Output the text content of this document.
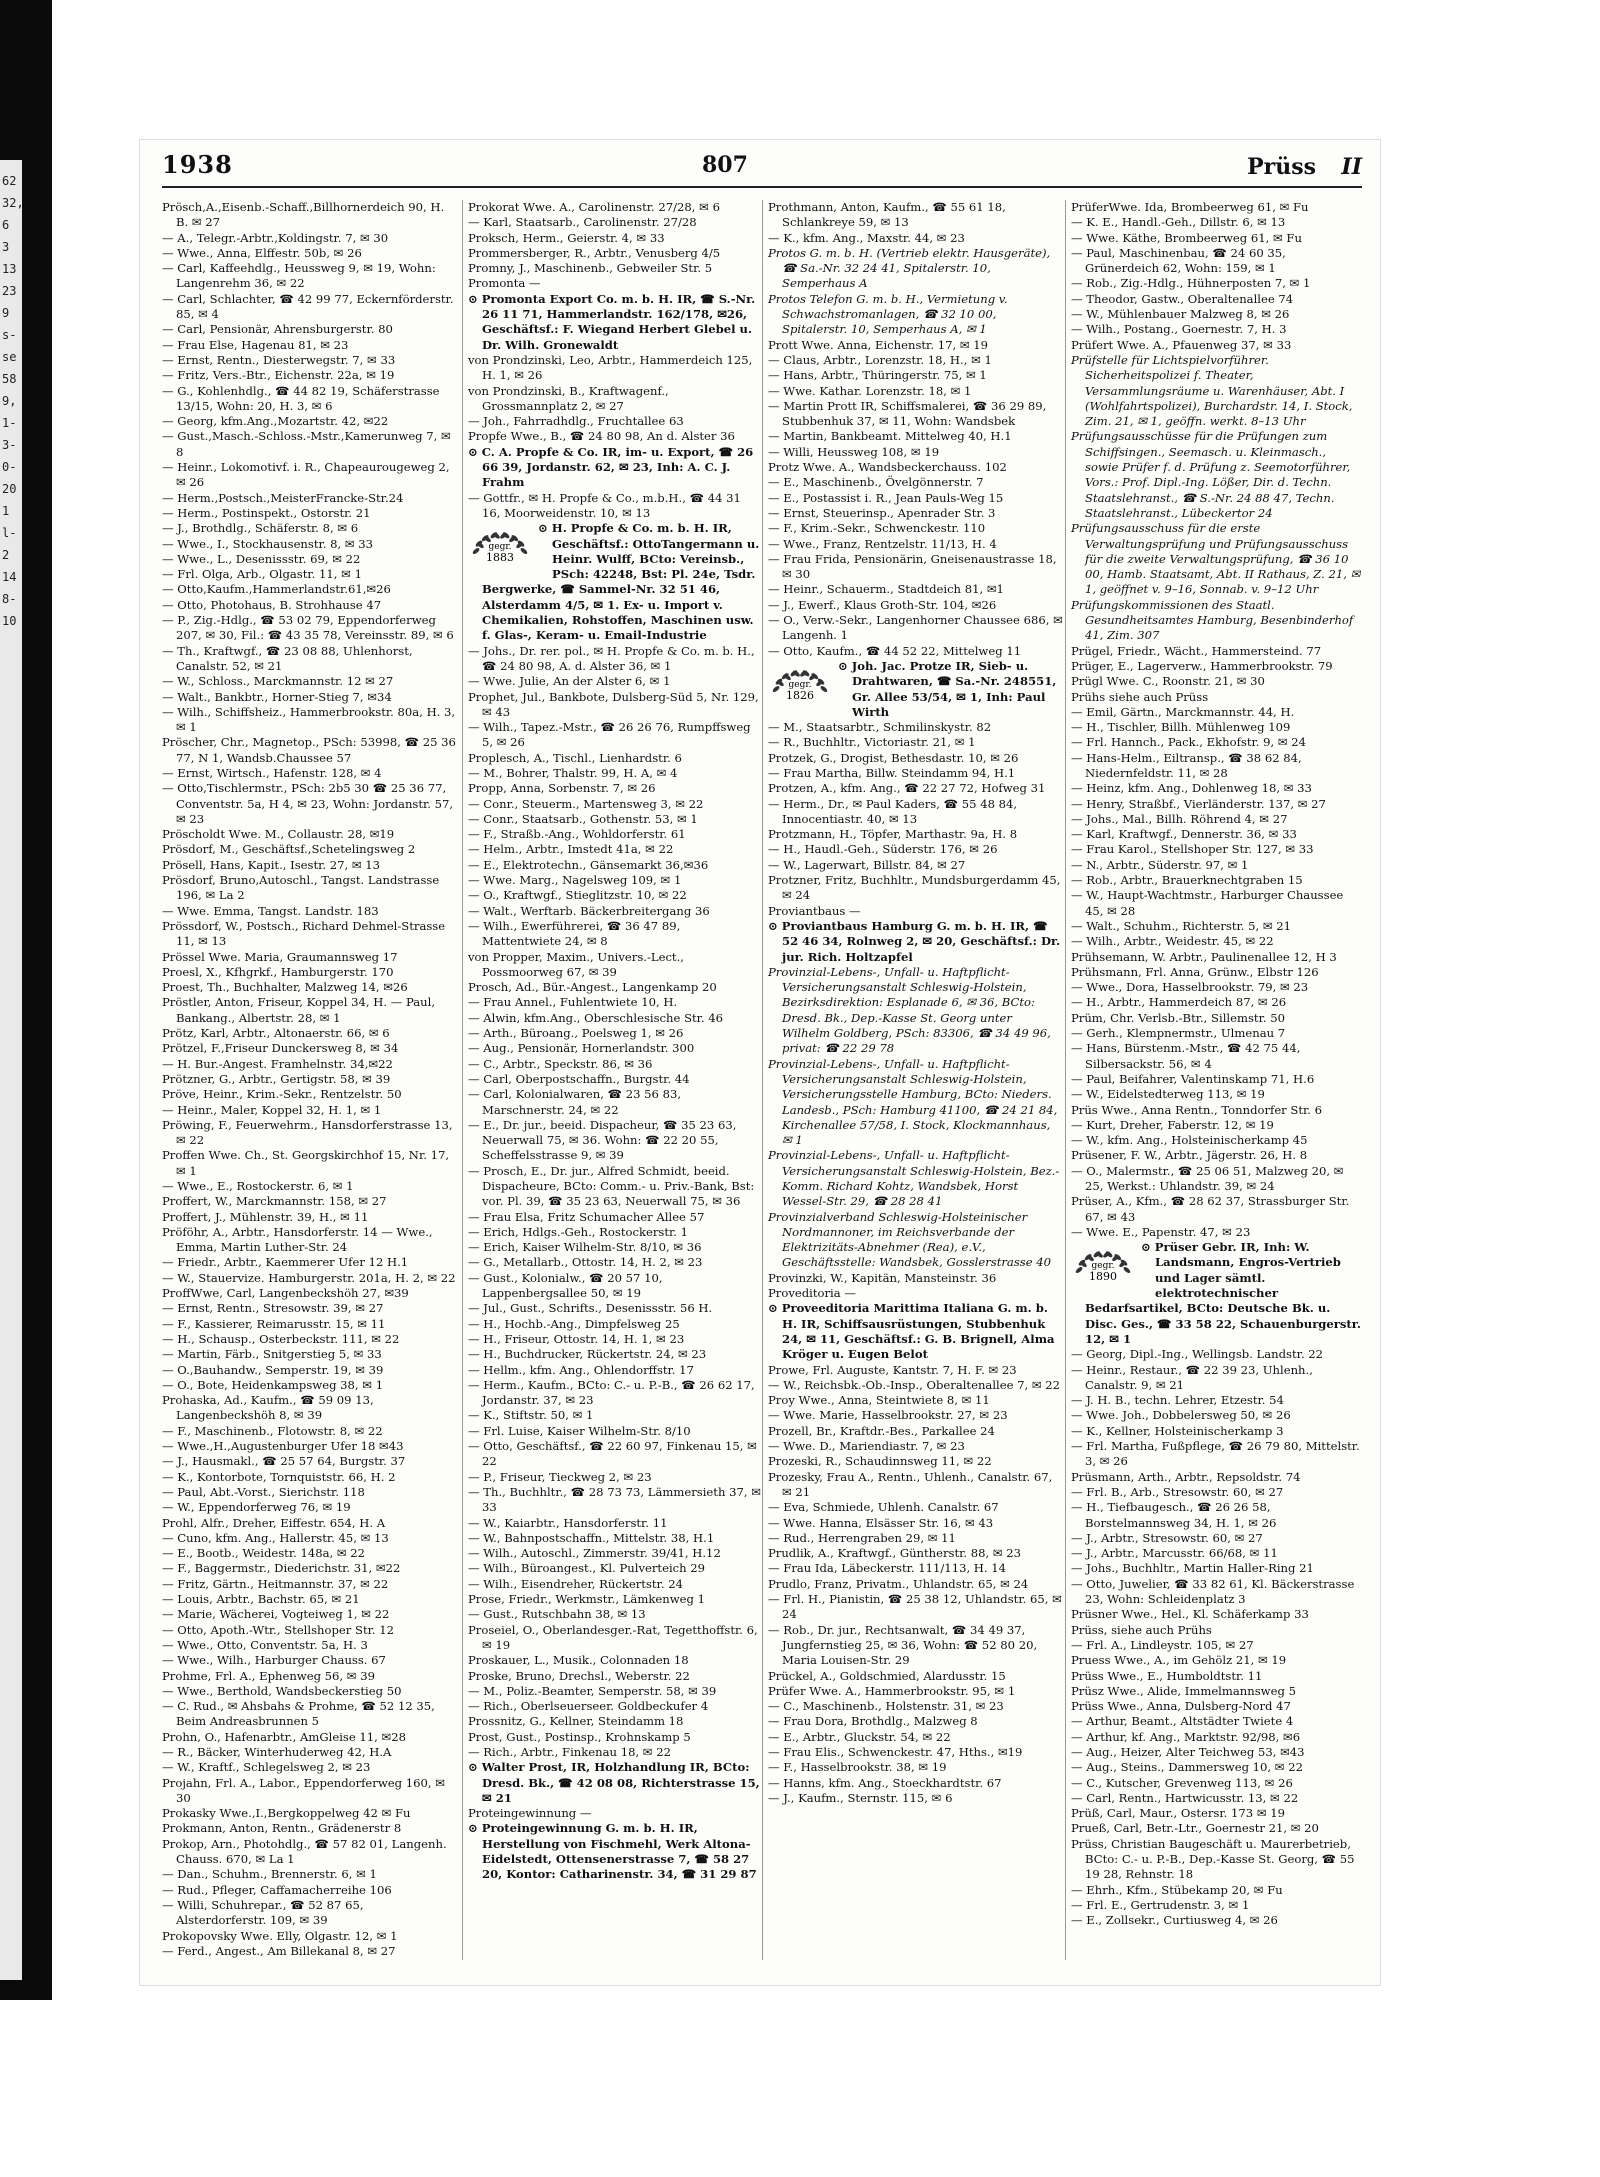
62
32,
6
3
13
23
9
s-
se
58
9,
1-
3-
0-
20
1
l-
2
14
8-
10
1938	807	Prüss II

Prösch,A.,Eisenb.-Schaff.,Billhornerdeich 90, H. B. ✉ 27

— A., Telegr.-Arbtr.,Koldingstr. 7, ✉ 30

— Wwe., Anna, Elffestr. 50b, ✉ 26

— Carl, Kaffeehdlg., Heussweg 9, ✉ 19, Wohn: Langenrehm 36, ✉ 22

— Carl, Schlachter, ☎ 42 99 77, Eckernförderstr. 85, ✉ 4

— Carl, Pensionär, Ahrensburgerstr. 80

— Frau Else, Hagenau 81, ✉ 23

— Ernst, Rentn., Diesterwegstr. 7, ✉ 33

— Fritz, Vers.-Btr., Eichenstr. 22a, ✉ 19

— G., Kohlenhdlg., ☎ 44 82 19, Schäferstrasse 13/15, Wohn: 20, H. 3, ✉ 6

— Georg, kfm.Ang.,Mozartstr. 42, ✉22

— Gust.,Masch.-Schloss.-Mstr.,Kamerunweg 7, ✉ 8

— Heinr., Lokomotivf. i. R., Chapeaurougeweg 2, ✉ 26

— Herm.,Postsch.,MeisterFrancke-Str.24

— Herm., Postinspekt., Ostorstr. 21

— J., Brothdlg., Schäferstr. 8, ✉ 6

— Wwe., I., Stockhausenstr. 8, ✉ 33

— Wwe., L., Desenissstr. 69, ✉ 22

— Frl. Olga, Arb., Olgastr. 11, ✉ 1

— Otto,Kaufm.,Hammerlandstr.61,✉26

— Otto, Photohaus, B. Strohhause 47

— P., Zig.-Hdlg., ☎ 53 02 79, Eppendorferweg 207, ✉ 30, Fil.: ☎ 43 35 78, Vereinsstr. 89, ✉ 6

— Th., Kraftwgf., ☎ 23 08 88, Uhlenhorst, Canalstr. 52, ✉ 21

— W., Schloss., Marckmannstr. 12 ✉ 27

— Walt., Bankbtr., Horner-Stieg 7, ✉34

— Wilh., Schiffsheiz., Hammerbrookstr. 80a, H. 3, ✉ 1

Pröscher, Chr., Magnetop., PSch: 53998, ☎ 25 36 77, N 1, Wandsb.Chaussee 57

— Ernst, Wirtsch., Hafenstr. 128, ✉ 4

— Otto,Tischlermstr., PSch: 2b5 30 ☎ 25 36 77, Conventstr. 5a, H 4, ✉ 23, Wohn: Jordanstr. 57, ✉ 23

Pröscholdt Wwe. M., Collaustr. 28, ✉19

Prösdorf, M., Geschäftsf.,Schetelingsweg 2

Prösell, Hans, Kapit., Isestr. 27, ✉ 13

Prösdorf, Bruno,Autoschl., Tangst. Landstrasse 196, ✉ La 2

— Wwe. Emma, Tangst. Landstr. 183

Prössdorf, W., Postsch., Richard Dehmel-Strasse 11, ✉ 13

Prössel Wwe. Maria, Graumannsweg 17

Proesl, X., Kfhgrkf., Hamburgerstr. 170

Proest, Th., Buchhalter, Malzweg 14, ✉26

Pröstler, Anton, Friseur, Koppel 34, H. — Paul, Bankang., Albertstr. 28, ✉ 1

Prötz, Karl, Arbtr., Altonaerstr. 66, ✉ 6

Prötzel, F.,Friseur Dunckersweg 8, ✉ 34

— H. Bur.-Angest. Framhelnstr. 34,✉22

Prötzner, G., Arbtr., Gertigstr. 58, ✉ 39

Pröve, Heinr., Krim.-Sekr., Rentzelstr. 50

— Heinr., Maler, Koppel 32, H. 1, ✉ 1

Pröwing, F., Feuerwehrm., Hansdorferstrasse 13, ✉ 22

Proffen Wwe. Ch., St. Georgskirchhof 15, Nr. 17, ✉ 1

— Wwe., E., Rostockerstr. 6, ✉ 1

Proffert, W., Marckmannstr. 158, ✉ 27

Proffert, J., Mühlenstr. 39, H., ✉ 11

Pröföhr, A., Arbtr., Hansdorferstr. 14 — Wwe., Emma, Martin Luther-Str. 24

— Friedr., Arbtr., Kaemmerer Ufer 12 H.1

— W., Stauervize. Hamburgerstr. 201a, H. 2, ✉ 22

ProffWwe, Carl, Langenbeckshöh 27, ✉39

— Ernst, Rentn., Stresowstr. 39, ✉ 27

— F., Kassierer, Reimarusstr. 15, ✉ 11

— H., Schausp., Osterbeckstr. 111, ✉ 22

— Martin, Färb., Snitgerstieg 5, ✉ 33

— O.,Bauhandw., Semperstr. 19, ✉ 39

— O., Bote, Heidenkampsweg 38, ✉ 1

Prohaska, Ad., Kaufm., ☎ 59 09 13, Langenbeckshöh 8, ✉ 39

— F., Maschinenb., Flotowstr. 8, ✉ 22

— Wwe.,H.,Augustenburger Ufer 18 ✉43

— J., Hausmakl., ☎ 25 57 64, Burgstr. 37

— K., Kontorbote, Tornquiststr. 66, H. 2

— Paul, Abt.-Vorst., Sierichstr. 118

— W., Eppendorferweg 76, ✉ 19

Prohl, Alfr., Dreher, Eiffestr. 654, H. A

— Cuno, kfm. Ang., Hallerstr. 45, ✉ 13

— E., Bootb., Weidestr. 148a, ✉ 22

— F., Baggermstr., Diederichstr. 31, ✉22

— Fritz, Gärtn., Heitmannstr. 37, ✉ 22

— Louis, Arbtr., Bachstr. 65, ✉ 21

— Marie, Wächerei, Vogteiweg 1, ✉ 22

— Otto, Apoth.-Wtr., Stellshoper Str. 12

— Wwe., Otto, Conventstr. 5a, H. 3

— Wwe., Wilh., Harburger Chauss. 67

Prohme, Frl. A., Ephenweg 56, ✉ 39

— Wwe., Berthold, Wandsbeckerstieg 50

— C. Rud., ✉ Ahsbahs & Prohme, ☎ 52 12 35, Beim Andreasbrunnen 5

Prohn, O., Hafenarbtr., AmGleise 11, ✉28

— R., Bäcker, Winterhuderweg 42, H.A

— W., Kraftf., Schlegelsweg 2, ✉ 23

Projahn, Frl. A., Labor., Eppendorferweg 160, ✉ 30

Prokasky Wwe.,I.,Bergkoppelweg 42 ✉ Fu

Prokmann, Anton, Rentn., Grädenerstr 8

Prokop, Arn., Photohdlg., ☎ 57 82 01, Langenh. Chauss. 670, ✉ La 1

— Dan., Schuhm., Brennerstr. 6, ✉ 1

— Rud., Pfleger, Caffamacherreihe 106

— Willi, Schuhrepar., ☎ 52 87 65, Alsterdorferstr. 109, ✉ 39

Prokopovsky Wwe. Elly, Olgastr. 12, ✉ 1

— Ferd., Angest., Am Billekanal 8, ✉ 27

Prokorat Wwe. A., Carolinenstr. 27/28, ✉ 6

— Karl, Staatsarb., Carolinenstr. 27/28

Proksch, Herm., Geierstr. 4, ✉ 33

Prommersberger, R., Arbtr., Venusberg 4/5

Promny, J., Maschinenb., Gebweiler Str. 5

Promonta —

⊙ Promonta Export Co. m. b. H. IR, ☎ S.-Nr. 26 11 71, Hammerlandstr. 162/178, ✉26, Geschäftsf.: F. Wiegand Herbert Glebel u. Dr. Wilh. Gronewaldt

von Prondzinski, Leo, Arbtr., Hammerdeich 125, H. 1, ✉ 26

von Prondzinski, B., Kraftwagenf., Grossmannplatz 2, ✉ 27

— Joh., Fahrradhdlg., Fruchtallee 63

Propfe Wwe., B., ☎ 24 80 98, An d. Alster 36

⊙ C. A. Propfe & Co. IR, im- u. Export, ☎ 26 66 39, Jordanstr. 62, ✉ 23, Inh: A. C. J. Frahm

— Gottfr., ✉ H. Propfe & Co., m.b.H., ☎ 44 31 16, Moorweidenstr. 10, ✉ 13

gegr.
1883
⊙ H. Propfe & Co. m. b. H. IR, Geschäftsf.: OttoTangermann u. Heinr. Wulff, BCto: Vereinsb., PSch: 42248, Bst: Pl. 24e, Tsdr. Bergwerke, ☎ Sammel-Nr. 32 51 46, Alsterdamm 4/5, ✉ 1. Ex- u. Import v. Chemikalien, Rohstoffen, Maschinen usw. f. Glas-, Keram- u. Email-Industrie

— Johs., Dr. rer. pol., ✉ H. Propfe & Co. m. b. H., ☎ 24 80 98, A. d. Alster 36, ✉ 1

— Wwe. Julie, An der Alster 6, ✉ 1

Prophet, Jul., Bankbote, Dulsberg-Süd 5, Nr. 129, ✉ 43

— Wilh., Tapez.-Mstr., ☎ 26 26 76, Rumpffsweg 5, ✉ 26

Proplesch, A., Tischl., Lienhardstr. 6

— M., Bohrer, Thalstr. 99, H. A, ✉ 4

Propp, Anna, Sorbenstr. 7, ✉ 26

— Conr., Steuerm., Martensweg 3, ✉ 22

— Conr., Staatsarb., Gothenstr. 53, ✉ 1

— F., Straßb.-Ang., Wohldorferstr. 61

— Helm., Arbtr., Imstedt 41a, ✉ 22

— E., Elektrotechn., Gänsemarkt 36,✉36

— Wwe. Marg., Nagelsweg 109, ✉ 1

— O., Kraftwgf., Stieglitzstr. 10, ✉ 22

— Walt., Werftarb. Bäckerbreitergang 36

— Wilh., Ewerführerei, ☎ 36 47 89, Mattentwiete 24, ✉ 8

von Propper, Maxim., Univers.-Lect., Possmoorweg 67, ✉ 39

Prosch, Ad., Bür.-Angest., Langenkamp 20

— Frau Annel., Fuhlentwiete 10, H.

— Alwin, kfm.Ang., Oberschlesische Str. 46

— Arth., Büroang., Poelsweg 1, ✉ 26

— Aug., Pensionär, Hornerlandstr. 300

— C., Arbtr., Speckstr. 86, ✉ 36

— Carl, Oberpostschaffn., Burgstr. 44

— Carl, Kolonialwaren, ☎ 23 56 83, Marschnerstr. 24, ✉ 22

— E., Dr. jur., beeid. Dispacheur, ☎ 35 23 63, Neuerwall 75, ✉ 36. Wohn: ☎ 22 20 55, Scheffelsstrasse 9, ✉ 39

— Prosch, E., Dr. jur., Alfred Schmidt, beeid. Dispacheure, BCto: Comm.- u. Priv.-Bank, Bst: vor. Pl. 39, ☎ 35 23 63, Neuerwall 75, ✉ 36

— Frau Elsa, Fritz Schumacher Allee 57

— Erich, Hdlgs.-Geh., Rostockerstr. 1

— Erich, Kaiser Wilhelm-Str. 8/10, ✉ 36

— G., Metallarb., Ottostr. 14, H. 2, ✉ 23

— Gust., Kolonialw., ☎ 20 57 10, Lappenbergsallee 50, ✉ 19

— Jul., Gust., Schrifts., Desenissstr. 56 H.

— H., Hochb.-Ang., Dimpfelsweg 25

— H., Friseur, Ottostr. 14, H. 1, ✉ 23

— H., Buchdrucker, Rückertstr. 24, ✉ 23

— Hellm., kfm. Ang., Ohlendorffstr. 17

— Herm., Kaufm., BCto: C.- u. P.-B., ☎ 26 62 17, Jordanstr. 37, ✉ 23

— K., Stiftstr. 50, ✉ 1

— Frl. Luise, Kaiser Wilhelm-Str. 8/10

— Otto, Geschäftsf., ☎ 22 60 97, Finkenau 15, ✉ 22

— P., Friseur, Tieckweg 2, ✉ 23

— Th., Buchhltr., ☎ 28 73 73, Lämmersieth 37, ✉ 33

— W., Kaiarbtr., Hansdorferstr. 11

— W., Bahnpostschaffn., Mittelstr. 38, H.1

— Wilh., Autoschl., Zimmerstr. 39/41, H.12

— Wilh., Büroangest., Kl. Pulverteich 29

— Wilh., Eisendreher, Rückertstr. 24

Prose, Friedr., Werkmstr., Lämkenweg 1

— Gust., Rutschbahn 38, ✉ 13

Proseiel, O., Oberlandesger.-Rat, Tegetthoffstr. 6, ✉ 19

Proskauer, L., Musik., Colonnaden 18

Proske, Bruno, Drechsl., Weberstr. 22

— M., Poliz.-Beamter, Semperstr. 58, ✉ 39

— Rich., Oberlseuerseer. Goldbeckufer 4

Prossnitz, G., Kellner, Steindamm 18

Prost, Gust., Postinsp., Krohnskamp 5

— Rich., Arbtr., Finkenau 18, ✉ 22

⊙ Walter Prost, IR, Holzhandlung IR, BCto: Dresd. Bk., ☎ 42 08 08, Richterstrasse 15, ✉ 21

Proteingewinnung —

⊙ Proteingewinnung G. m. b. H. IR, Herstellung von Fischmehl, Werk Altona-Eidelstedt, Ottensenerstrasse 7, ☎ 58 27 20, Kontor: Catharinenstr. 34, ☎ 31 29 87

Prothmann, Anton, Kaufm., ☎ 55 61 18, Schlankreye 59, ✉ 13

— K., kfm. Ang., Maxstr. 44, ✉ 23

Protos G. m. b. H. (Vertrieb elektr. Hausgeräte), ☎ Sa.-Nr. 32 24 41, Spitalerstr. 10, Semperhaus A

Protos Telefon G. m. b. H., Vermietung v. Schwachstromanlagen, ☎ 32 10 00, Spitalerstr. 10, Semperhaus A, ✉ 1

Prott Wwe. Anna, Eichenstr. 17, ✉ 19

— Claus, Arbtr., Lorenzstr. 18, H., ✉ 1

— Hans, Arbtr., Thüringerstr. 75, ✉ 1

— Wwe. Kathar. Lorenzstr. 18, ✉ 1

— Martin Prott IR, Schiffsmalerei, ☎ 36 29 89, Stubbenhuk 37, ✉ 11, Wohn: Wandsbek

— Martin, Bankbeamt. Mittelweg 40, H.1

— Willi, Heussweg 108, ✉ 19

Protz Wwe. A., Wandsbeckerchauss. 102

— E., Maschinenb., Övelgönnerstr. 7

— E., Postassist i. R., Jean Pauls-Weg 15

— Ernst, Steuerinsp., Apenrader Str. 3

— F., Krim.-Sekr., Schwenckestr. 110

— Wwe., Franz, Rentzelstr. 11/13, H. 4

— Frau Frida, Pensionärin, Gneisenaustrasse 18, ✉ 30

— Heinr., Schauerm., Stadtdeich 81, ✉1

— J., Ewerf., Klaus Groth-Str. 104, ✉26

— O., Verw.-Sekr., Langenhorner Chaussee 686, ✉ Langenh. 1

— Otto, Kaufm., ☎ 44 52 22, Mittelweg 11

gegr.
1826
⊙ Joh. Jac. Protze IR, Sieb- u. Drahtwaren, ☎ Sa.-Nr. 248551, Gr. Allee 53/54, ✉ 1, Inh: Paul Wirth

— M., Staatsarbtr., Schmilinskystr. 82

— R., Buchhltr., Victoriastr. 21, ✉ 1

Protzek, G., Drogist, Bethesdastr. 10, ✉ 26

— Frau Martha, Billw. Steindamm 94, H.1

Protzen, A., kfm. Ang., ☎ 22 27 72, Hofweg 31

— Herm., Dr., ✉ Paul Kaders, ☎ 55 48 84, Innocentiastr. 40, ✉ 13

Protzmann, H., Töpfer, Marthastr. 9a, H. 8

— H., Haudl.-Geh., Süderstr. 176, ✉ 26

— W., Lagerwart, Billstr. 84, ✉ 27

Protzner, Fritz, Buchhltr., Mundsburgerdamm 45, ✉ 24

Proviantbaus —

⊙ Proviantbaus Hamburg G. m. b. H. IR, ☎ 52 46 34, Rolnweg 2, ✉ 20, Geschäftsf.: Dr. jur. Rich. Holtzapfel

Provinzial-Lebens-, Unfall- u. Haftpflicht-Versicherungsanstalt Schleswig-Holstein, Bezirksdirektion: Esplanade 6, ✉ 36, BCto: Dresd. Bk., Dep.-Kasse St. Georg unter Wilhelm Goldberg, PSch: 83306, ☎ 34 49 96, privat: ☎ 22 29 78

Provinzial-Lebens-, Unfall- u. Haftpflicht-Versicherungsanstalt Schleswig-Holstein, Versicherungsstelle Hamburg, BCto: Nieders. Landesb., PSch: Hamburg 41100, ☎ 24 21 84, Kirchenallee 57/58, I. Stock, Klockmannhaus, ✉ 1

Provinzial-Lebens-, Unfall- u. Haftpflicht-Versicherungsanstalt Schleswig-Holstein, Bez.-Komm. Richard Kohtz, Wandsbek, Horst Wessel-Str. 29, ☎ 28 28 41

Provinzialverband Schleswig-Holsteinischer Nordmannoner, im Reichsverbande der Elektrizitäts-Abnehmer (Rea), e.V., Geschäftsstelle: Wandsbek, Gosslerstrasse 40

Provinzki, W., Kapitän, Mansteinstr. 36

Proveditoria —

⊙ Proveeditoria Marittima Italiana G. m. b. H. IR, Schiffsausrüstungen, Stubbenhuk 24, ✉ 11, Geschäftsf.: G. B. Brignell, Alma Kröger u. Eugen Belot

Prowe, Frl. Auguste, Kantstr. 7, H. F. ✉ 23

— W., Reichsbk.-Ob.-Insp., Oberaltenallee 7, ✉ 22

Proy Wwe., Anna, Steintwiete 8, ✉ 11

— Wwe. Marie, Hasselbrookstr. 27, ✉ 23

Prozell, Br., Kraftdr.-Bes., Parkallee 24

— Wwe. D., Mariendiastr. 7, ✉ 23

Prozeski, R., Schaudinnsweg 11, ✉ 22

Prozesky, Frau A., Rentn., Uhlenh., Canalstr. 67, ✉ 21

— Eva, Schmiede, Uhlenh. Canalstr. 67

— Wwe. Hanna, Elsässer Str. 16, ✉ 43

— Rud., Herrengraben 29, ✉ 11

Prudlik, A., Kraftwgf., Güntherstr. 88, ✉ 23

— Frau Ida, Läbeckerstr. 111/113, H. 14

Prudlo, Franz, Privatm., Uhlandstr. 65, ✉ 24

— Frl. H., Pianistin, ☎ 25 38 12, Uhlandstr. 65, ✉ 24

— Rob., Dr. jur., Rechtsanwalt, ☎ 34 49 37, Jungfernstieg 25, ✉ 36, Wohn: ☎ 52 80 20, Maria Louisen-Str. 29

Prückel, A., Goldschmied, Alardusstr. 15

Prüfer Wwe. A., Hammerbrookstr. 95, ✉ 1

— C., Maschinenb., Holstenstr. 31, ✉ 23

— Frau Dora, Brothdlg., Malzweg 8

— E., Arbtr., Gluckstr. 54, ✉ 22

— Frau Elis., Schwenckestr. 47, Hths., ✉19

— F., Hasselbrookstr. 38, ✉ 19

— Hanns, kfm. Ang., Stoeckhardtstr. 67

— J., Kaufm., Sternstr. 115, ✉ 6

PrüferWwe. Ida, Brombeerweg 61, ✉ Fu

— K. E., Handl.-Geh., Dillstr. 6, ✉ 13

— Wwe. Käthe, Brombeerweg 61, ✉ Fu

— Paul, Maschinenbau, ☎ 24 60 35, Grünerdeich 62, Wohn: 159, ✉ 1

— Rob., Zig.-Hdlg., Hühnerposten 7, ✉ 1

— Theodor, Gastw., Oberaltenallee 74

— W., Mühlenbauer Malzweg 8, ✉ 26

— Wilh., Postang., Goernestr. 7, H. 3

Prüfert Wwe. A., Pfauenweg 37, ✉ 33

Prüfstelle für Lichtspielvorführer. Sicherheitspolizei f. Theater, Versammlungsräume u. Warenhäuser, Abt. I (Wohlfahrtspolizei), Burchardstr. 14, I. Stock, Zim. 21, ✉ 1, geöffn. werkt. 8–13 Uhr

Prüfungsausschüsse für die Prüfungen zum Schiffsingen., Seemasch. u. Kleinmasch., sowie Prüfer f. d. Prüfung z. Seemotorführer, Vors.: Prof. Dipl.-Ing. Lößer, Dir. d. Techn. Staatslehranst., ☎ S.-Nr. 24 88 47, Techn. Staatslehranst., Lübeckertor 24

Prüfungsausschuss für die erste Verwaltungsprüfung und Prüfungsausschuss für die zweite Verwaltungsprüfung, ☎ 36 10 00, Hamb. Staatsamt, Abt. II Rathaus, Z. 21, ✉ 1, geöffnet v. 9–16, Sonnab. v. 9–12 Uhr

Prüfungskommissionen des Staatl. Gesundheitsamtes Hamburg, Besenbinderhof 41, Zim. 307

Prügel, Friedr., Wächt., Hammersteind. 77

Prüger, E., Lagerverw., Hammerbrookstr. 79

Prügl Wwe. C., Roonstr. 21, ✉ 30

Prühs siehe auch Prüss

— Emil, Gärtn., Marckmannstr. 44, H.

— H., Tischler, Billh. Mühlenweg 109

— Frl. Hannch., Pack., Ekhofstr. 9, ✉ 24

— Hans-Helm., Eiltransp., ☎ 38 62 84, Niedernfeldstr. 11, ✉ 28

— Heinz, kfm. Ang., Dohlenweg 18, ✉ 33

— Henry, Straßbf., Vierländerstr. 137, ✉ 27

— Johs., Mal., Billh. Röhrend 4, ✉ 27

— Karl, Kraftwgf., Dennerstr. 36, ✉ 33

— Frau Karol., Stellshoper Str. 127, ✉ 33

— N., Arbtr., Süderstr. 97, ✉ 1

— Rob., Arbtr., Brauerknechtgraben 15

— W., Haupt-Wachtmstr., Harburger Chaussee 45, ✉ 28

— Walt., Schuhm., Richterstr. 5, ✉ 21

— Wilh., Arbtr., Weidestr. 45, ✉ 22

Prühsemann, W. Arbtr., Paulinenallee 12, H 3

Prühsmann, Frl. Anna, Grünw., Elbstr 126

— Wwe., Dora, Hasselbrookstr. 79, ✉ 23

— H., Arbtr., Hammerdeich 87, ✉ 26

Prüm, Chr. Verlsb.-Btr., Sillemstr. 50

— Gerh., Klempnermstr., Ulmenau 7

— Hans, Bürstenm.-Mstr., ☎ 42 75 44, Silbersackstr. 56, ✉ 4

— Paul, Beifahrer, Valentinskamp 71, H.6

— W., Eidelstedterweg 113, ✉ 19

Prüs Wwe., Anna Rentn., Tonndorfer Str. 6

— Kurt, Dreher, Faberstr. 12, ✉ 19

— W., kfm. Ang., Holsteinischerkamp 45

Prüsener, F. W., Arbtr., Jägerstr. 26, H. 8

— O., Malermstr., ☎ 25 06 51, Malzweg 20, ✉ 25, Werkst.: Uhlandstr. 39, ✉ 24

Prüser, A., Kfm., ☎ 28 62 37, Strassburger Str. 67, ✉ 43

— Wwe. E., Papenstr. 47, ✉ 23

gegr.
1890
⊙ Prüser Gebr. IR, Inh: W. Landsmann, Engros-Vertrieb und Lager sämtl. elektrotechnischer Bedarfsartikel, BCto: Deutsche Bk. u. Disc. Ges., ☎ 33 58 22, Schauenburgerstr. 12, ✉ 1

— Georg, Dipl.-Ing., Wellingsb. Landstr. 22

— Heinr., Restaur., ☎ 22 39 23, Uhlenh., Canalstr. 9, ✉ 21

— J. H. B., techn. Lehrer, Etzestr. 54

— Wwe. Joh., Dobbelersweg 50, ✉ 26

— K., Kellner, Holsteinischerkamp 3

— Frl. Martha, Fußpflege, ☎ 26 79 80, Mittelstr. 3, ✉ 26

Prüsmann, Arth., Arbtr., Repsoldstr. 74

— Frl. B., Arb., Stresowstr. 60, ✉ 27

— H., Tiefbaugesch., ☎ 26 26 58, Borstelmannsweg 34, H. 1, ✉ 26

— J., Arbtr., Stresowstr. 60, ✉ 27

— J., Arbtr., Marcusstr. 66/68, ✉ 11

— Johs., Buchhltr., Martin Haller-Ring 21

— Otto, Juwelier, ☎ 33 82 61, Kl. Bäckerstrasse 23, Wohn: Schleidenplatz 3

Prüsner Wwe., Hel., Kl. Schäferkamp 33

Prüss, siehe auch Prühs

— Frl. A., Lindleystr. 105, ✉ 27

Pruess Wwe., A., im Gehölz 21, ✉ 19

Prüss Wwe., E., Humboldtstr. 11

Prüsz Wwe., Alide, Immelmannsweg 5

Prüss Wwe., Anna, Dulsberg-Nord 47

— Arthur, Beamt., Altstädter Twiete 4

— Arthur, kf. Ang., Marktstr. 92/98, ✉6

— Aug., Heizer, Alter Teichweg 53, ✉43

— Aug., Steins., Dammersweg 10, ✉ 22

— C., Kutscher, Grevenweg 113, ✉ 26

— Carl, Rentn., Hartwicusstr. 13, ✉ 22

Prüß, Carl, Maur., Ostersr. 173 ✉ 19

Prueß, Carl, Betr.-Ltr., Goernestr 21, ✉ 20

Prüss, Christian Baugeschäft u. Maurerbetrieb, BCto: C.- u. P.-B., Dep.-Kasse St. Georg, ☎ 55 19 28, Rehnstr. 18

— Ehrh., Kfm., Stübekamp 20, ✉ Fu

— Frl. E., Gertrudenstr. 3, ✉ 1

— E., Zollsekr., Curtiusweg 4, ✉ 26
